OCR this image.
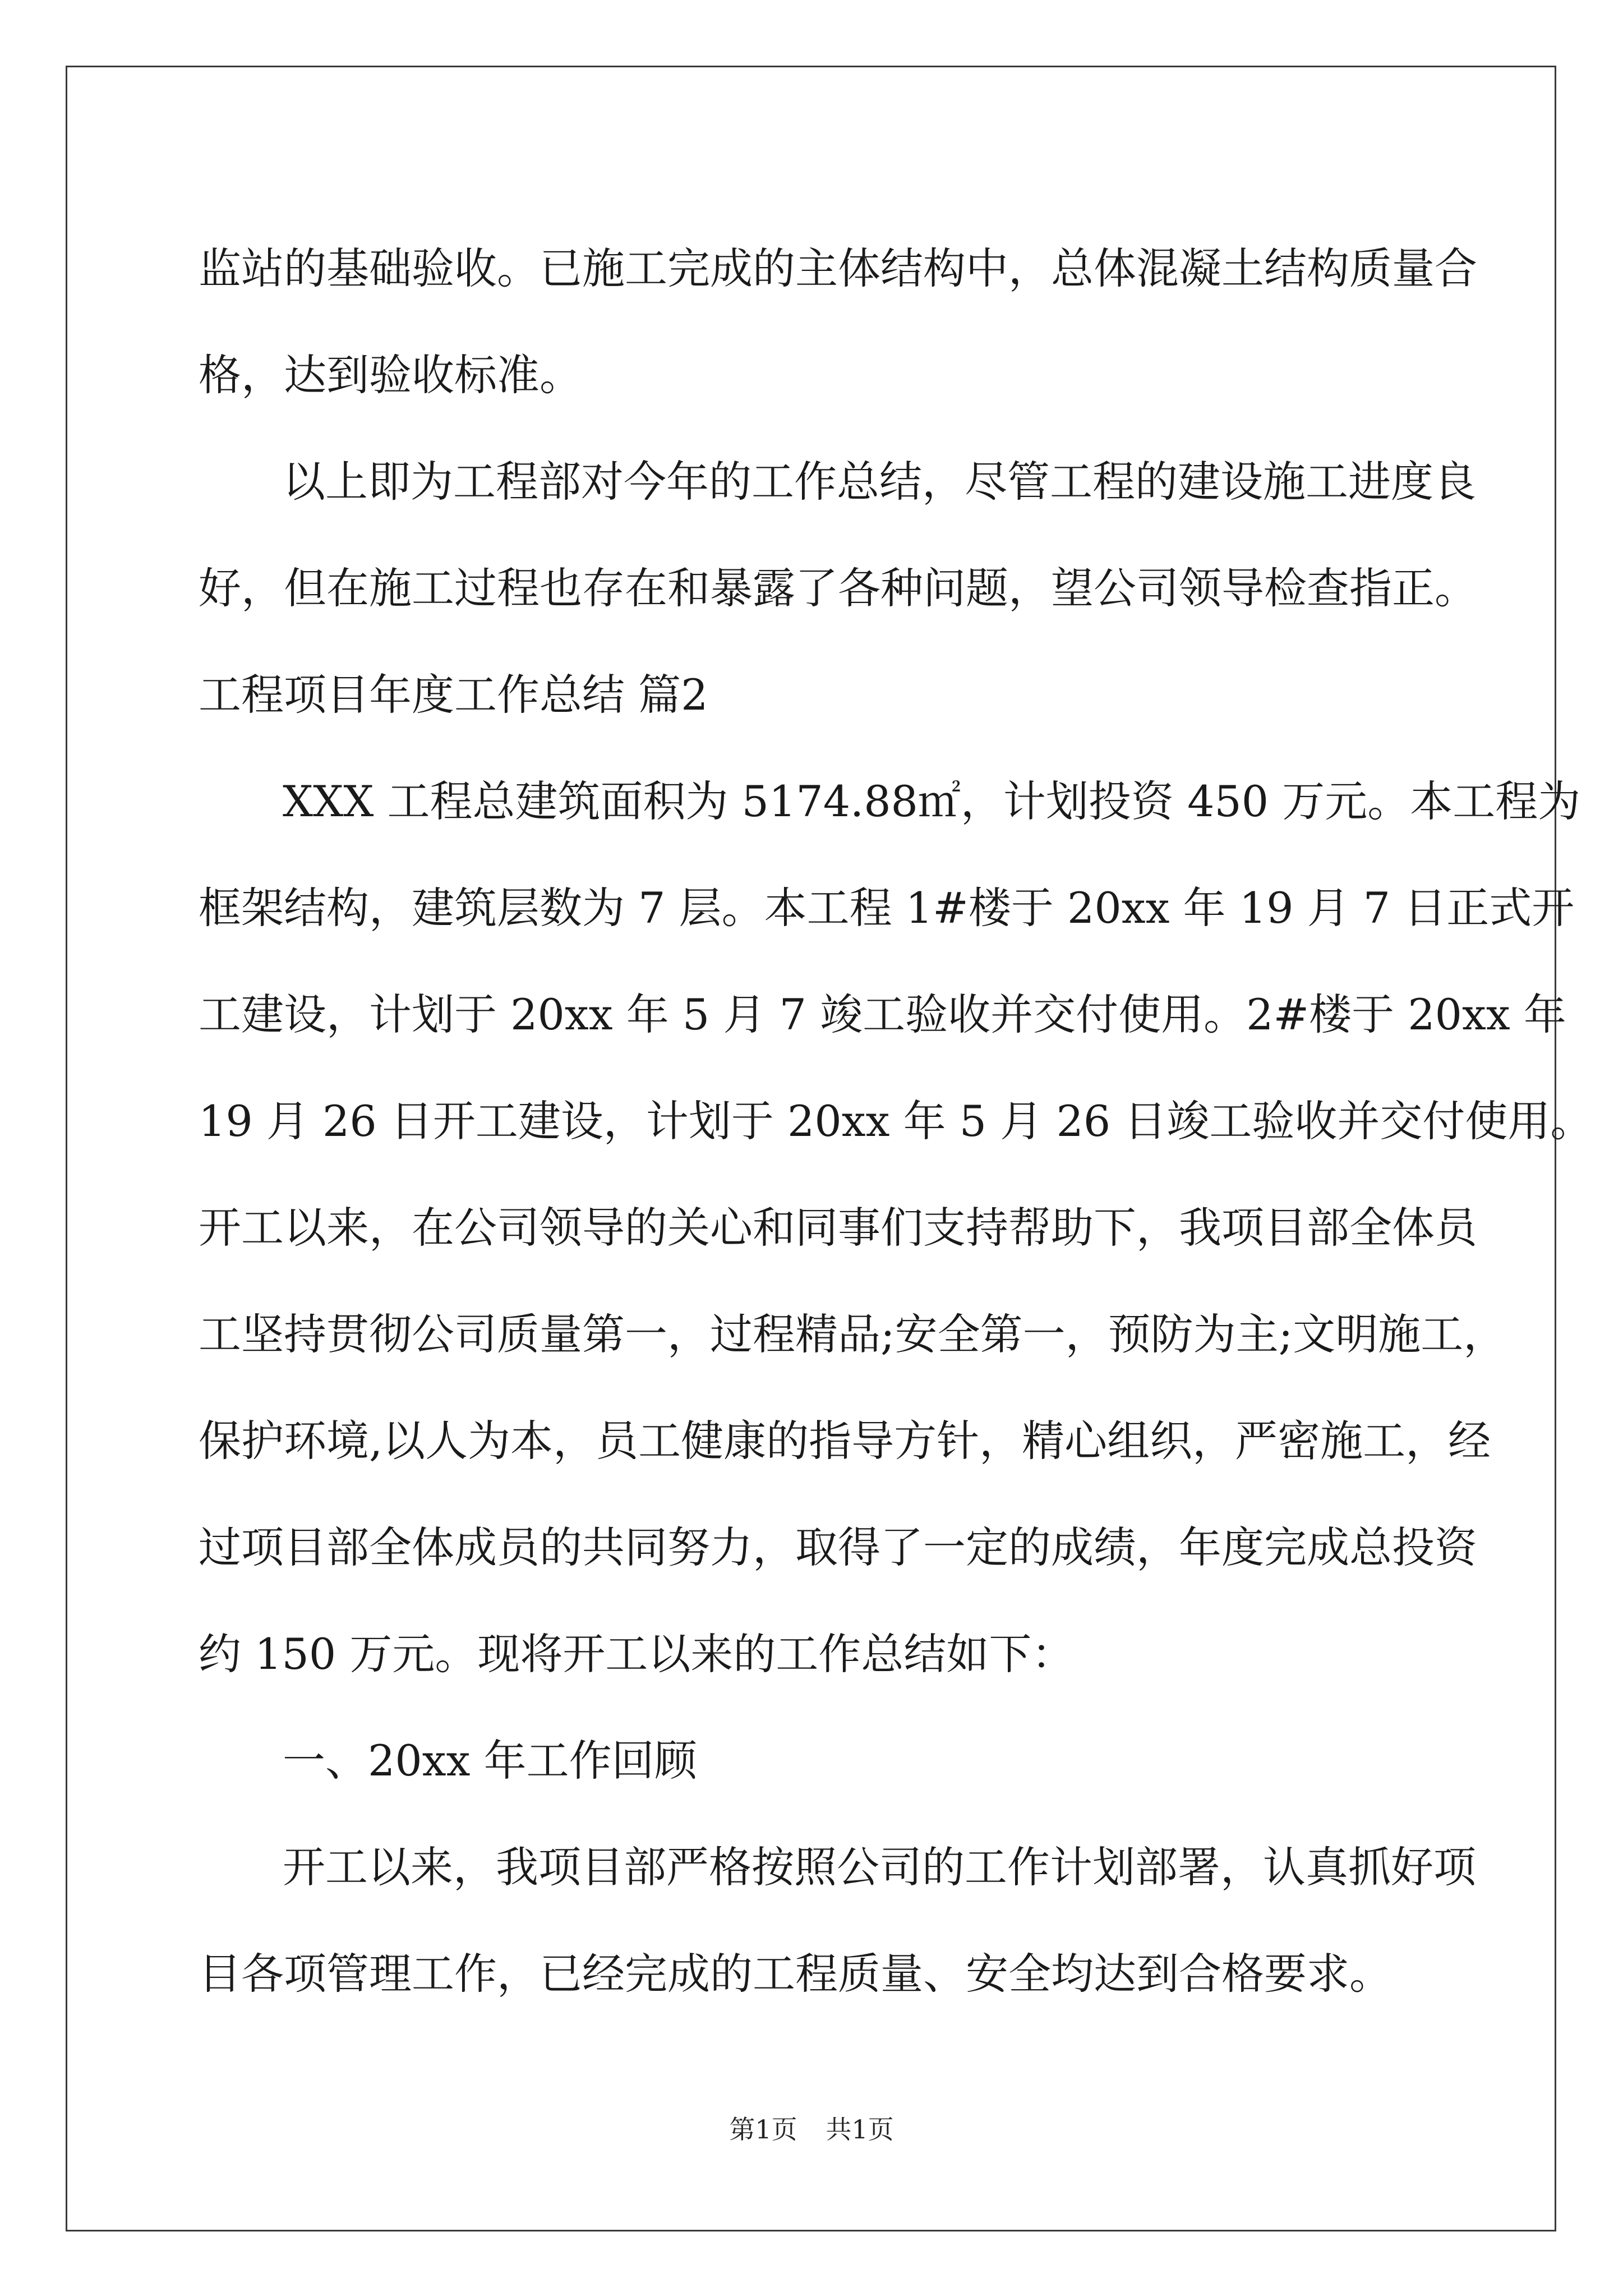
监站的基础验收。已施工完成的主体结构中，总体混凝土结构质量合
格，达到验收标准。
以上即为工程部对今年的工作总结，尽管工程的建设施工进度良
好，但在施工过程也存在和暴露了各种问题，望公司领导检查指正。
工程项目年度工作总结 篇2
XXX 工程总建筑面积为 5174.88㎡，计划投资 450 万元。本工程为
框架结构，建筑层数为 7 层。本工程 1#楼于 20xx 年 19 月 7 日正式开
工建设，计划于 20xx 年 5 月 7 竣工验收并交付使用。2#楼于 20xx 年
19 月 26 日开工建设，计划于 20xx 年 5 月 26 日竣工验收并交付使用。
开工以来，在公司领导的关心和同事们支持帮助下，我项目部全体员
工坚持贯彻公司质量第一，过程精品;安全第一，预防为主;文明施工，
保护环境,以人为本，员工健康的指导方针，精心组织，严密施工，经
过项目部全体成员的共同努力，取得了一定的成绩，年度完成总投资
约 150 万元。现将开工以来的工作总结如下：
一、20xx 年工作回顾
开工以来，我项目部严格按照公司的工作计划部署，认真抓好项
目各项管理工作，已经完成的工程质量、安全均达到合格要求。
第1页 共1页
